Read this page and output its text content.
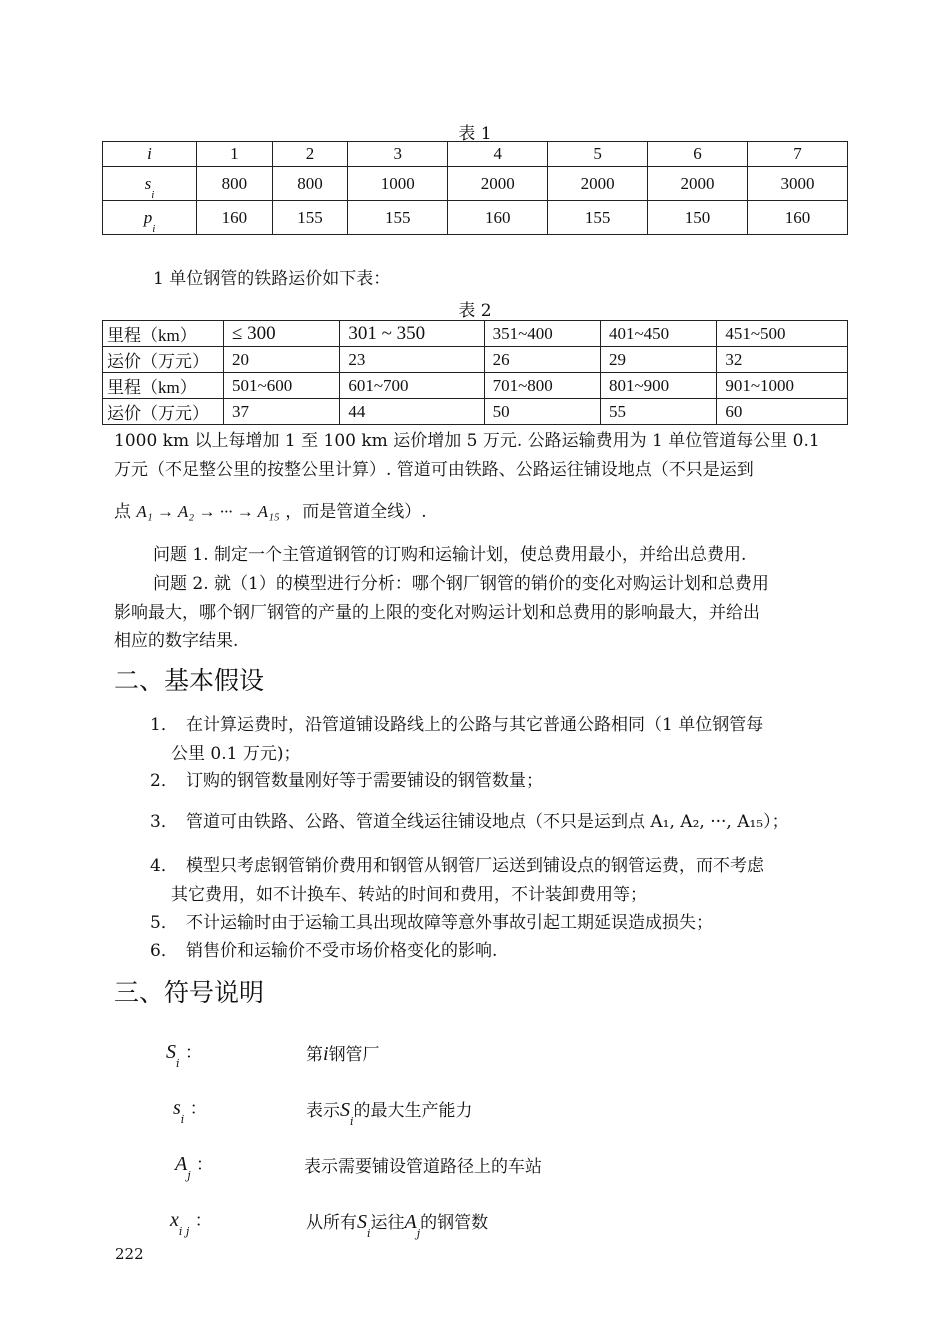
表 1
i	1	2	3	4	5	6	7
$s_i$	800	800	1000	2000	2000	2000	3000
$p_i$	160	155	155	160	155	150	160
1 单位钢管的铁路运价如下表：
表 2
里程（km）	≤ 300	301 ~ 350	351~400	401~450	451~500
运价（万元）	20	23	26	29	32
里程（km）	501~600	601~700	701~800	801~900	901~1000
运价（万元）	37	44	50	55	60
1000 km 以上每增加 1 至 100 km 运价增加 5 万元. 公路运输费用为 1 单位管道每公里 0.1
万元（不足整公里的按整公里计算）. 管道可由铁路、公路运往铺设地点（不只是运到
点 A₁ → A₂ → ··· → A₁₅ ，而是管道全线）.
问题 1. 制定一个主管道钢管的订购和运输计划，使总费用最小，并给出总费用.
问题 2. 就（1）的模型进行分析：哪个钢厂钢管的销价的变化对购运计划和总费用
影响最大，哪个钢厂钢管的产量的上限的变化对购运计划和总费用的影响最大，并给出
相应的数字结果.
二、基本假设
1． 在计算运费时，沿管道铺设路线上的公路与其它普通公路相同（1 单位钢管每
公里 0.1 万元)；
2． 订购的钢管数量刚好等于需要铺设的钢管数量；
3． 管道可由铁路、公路、管道全线运往铺设地点（不只是运到点 A₁, A₂, ···, A₁₅）；
4． 模型只考虑钢管销价费用和钢管从钢管厂运送到铺设点的钢管运费，而不考虑
其它费用，如不计换车、转站的时间和费用，不计装卸费用等；
5． 不计运输时由于运输工具出现故障等意外事故引起工期延误造成损失；
6． 销售价和运输价不受市场价格变化的影响.
三、符号说明
$S_i$ ：	第i钢管厂
$s_i$ ：	表示$S_i$的最大生产能力
$A_j$ ：	表示需要铺设管道路径上的车站
$x_{i j}$ ：	从所有$S_i$运往$A_j$的钢管数
222
